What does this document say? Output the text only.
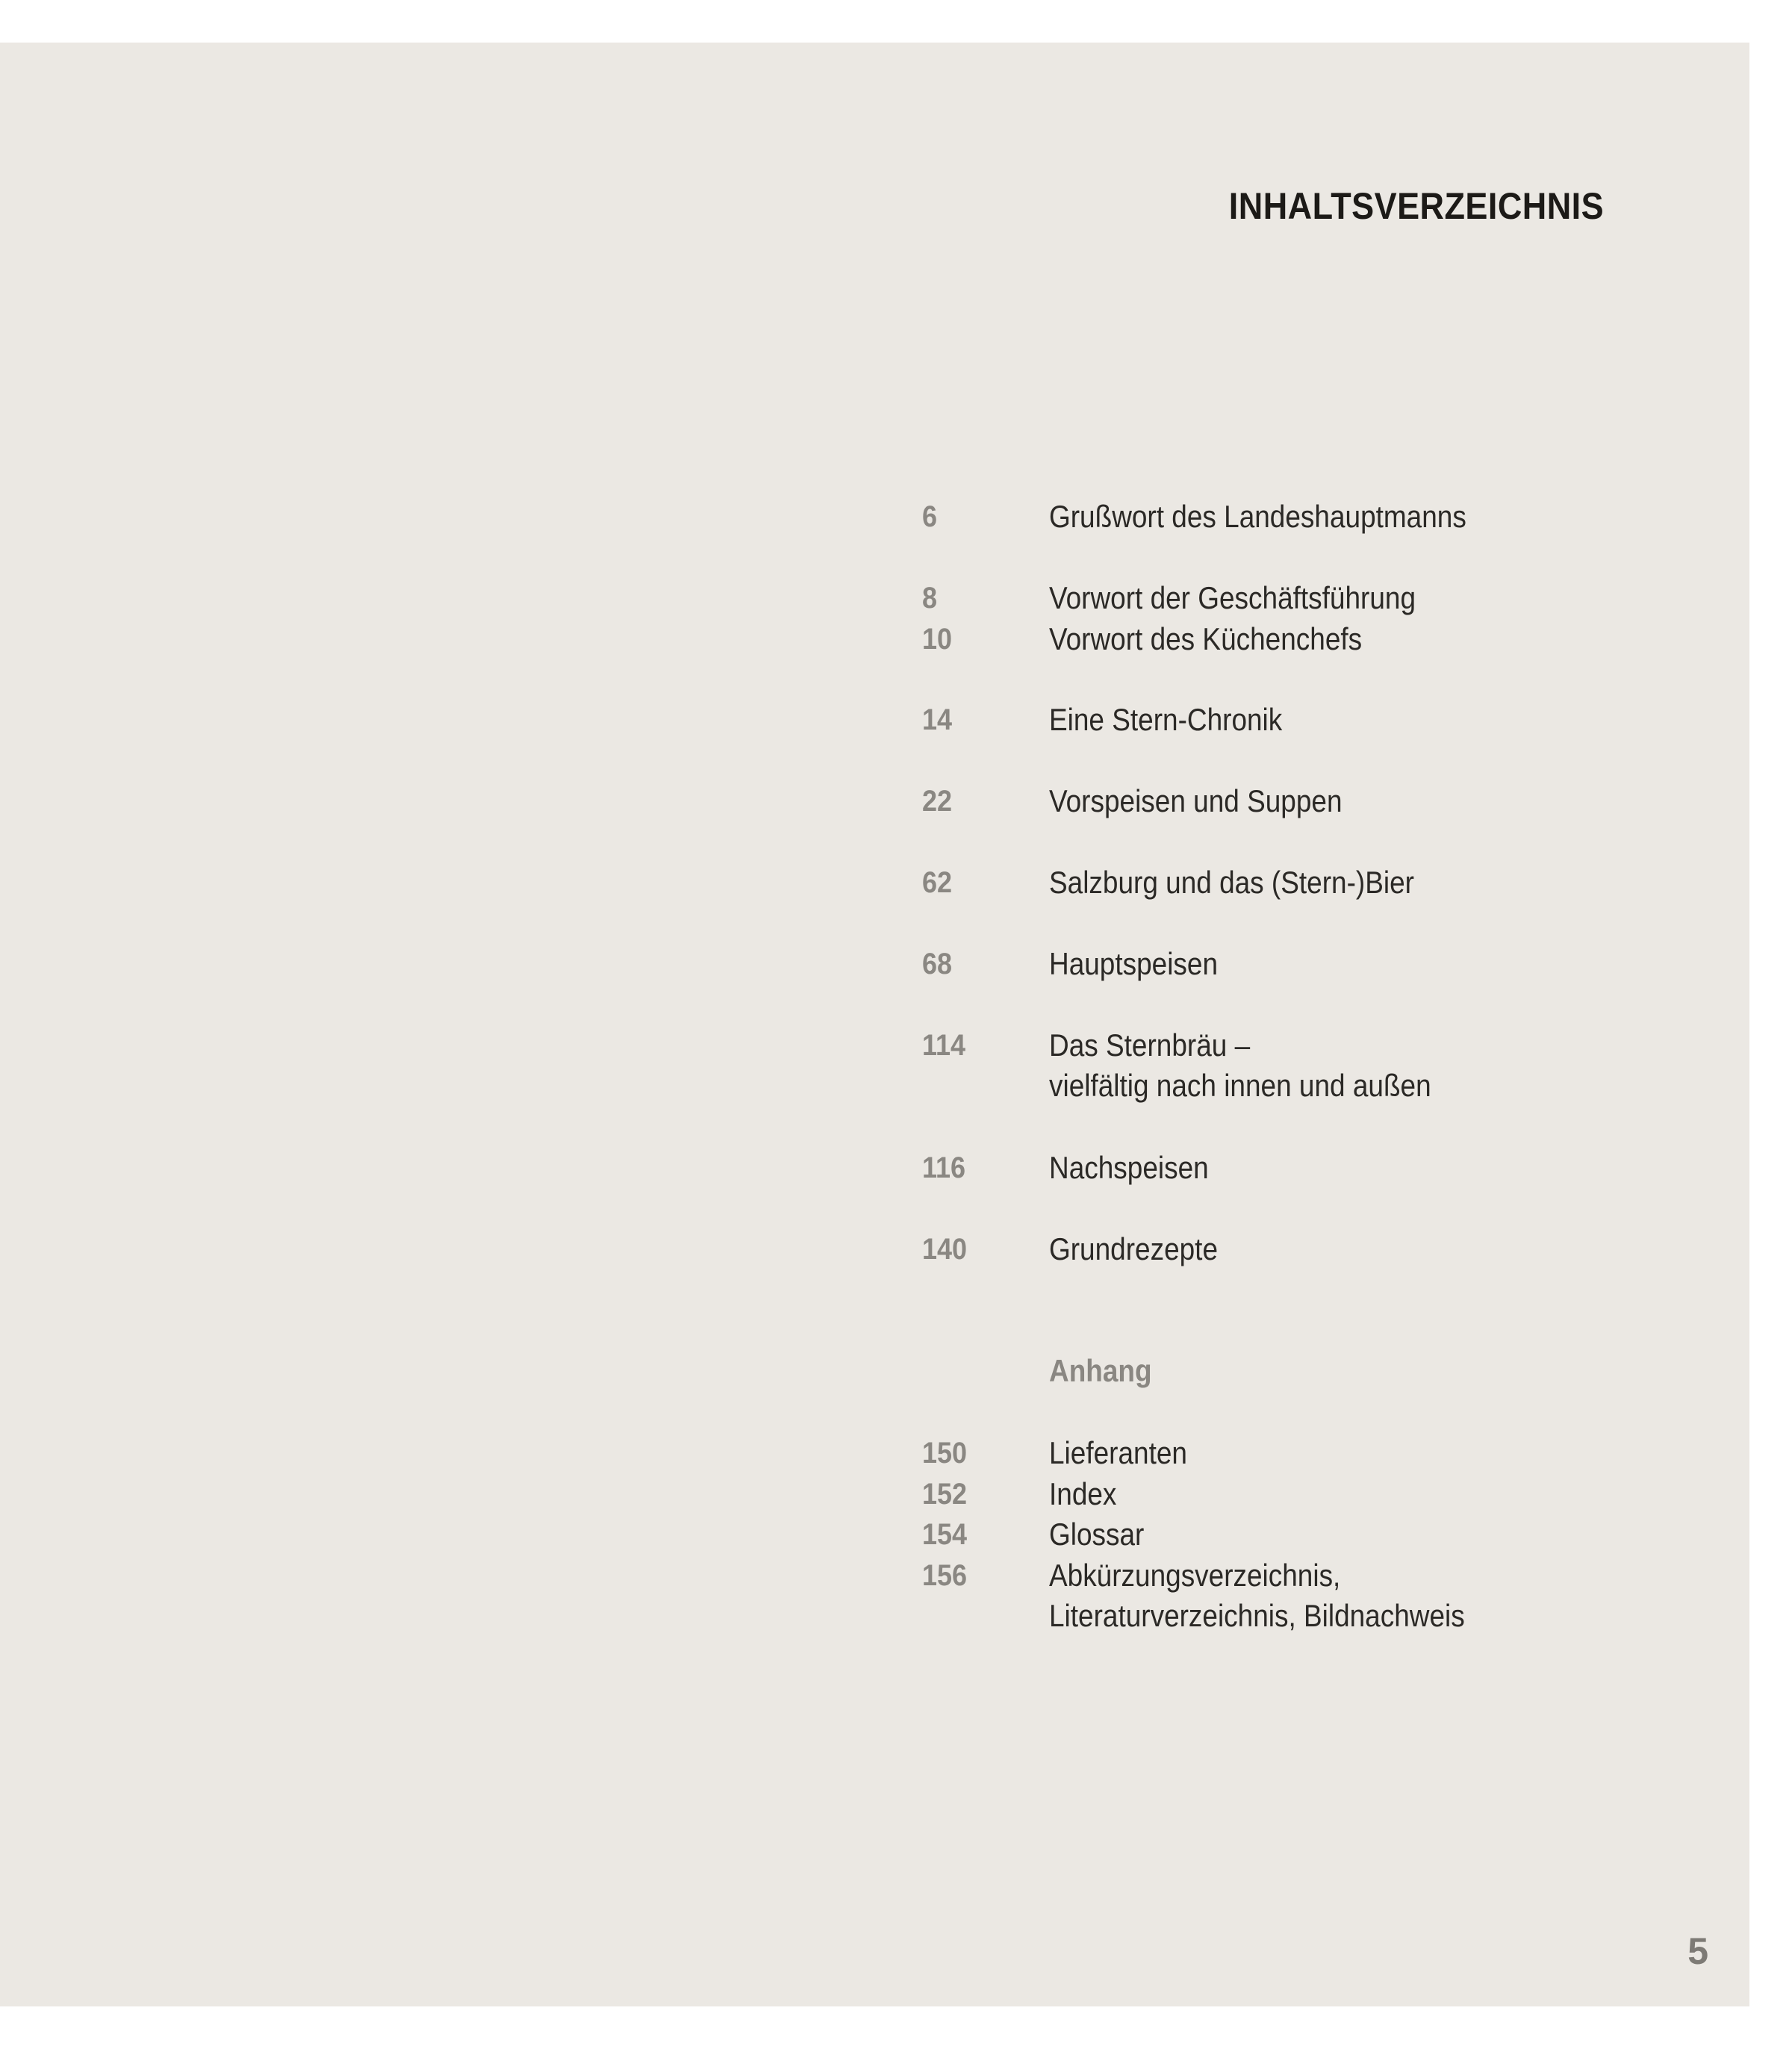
INHALTSVERZEICHNIS
6	Grußwort des Landeshauptmanns
8	Vorwort der Geschäftsführung
10	Vorwort des Küchenchefs
14	Eine Stern-Chronik
22	Vorspeisen und Suppen
62	Salzburg und das (Stern-)Bier
68	Hauptspeisen
114	Das Sternbräu –
vielfältig nach innen und außen
116	Nachspeisen
140	Grundrezepte
Anhang
150	Lieferanten
152	Index
154	Glossar
156	Abkürzungsverzeichnis,
Literaturverzeichnis, Bildnachweis
5
